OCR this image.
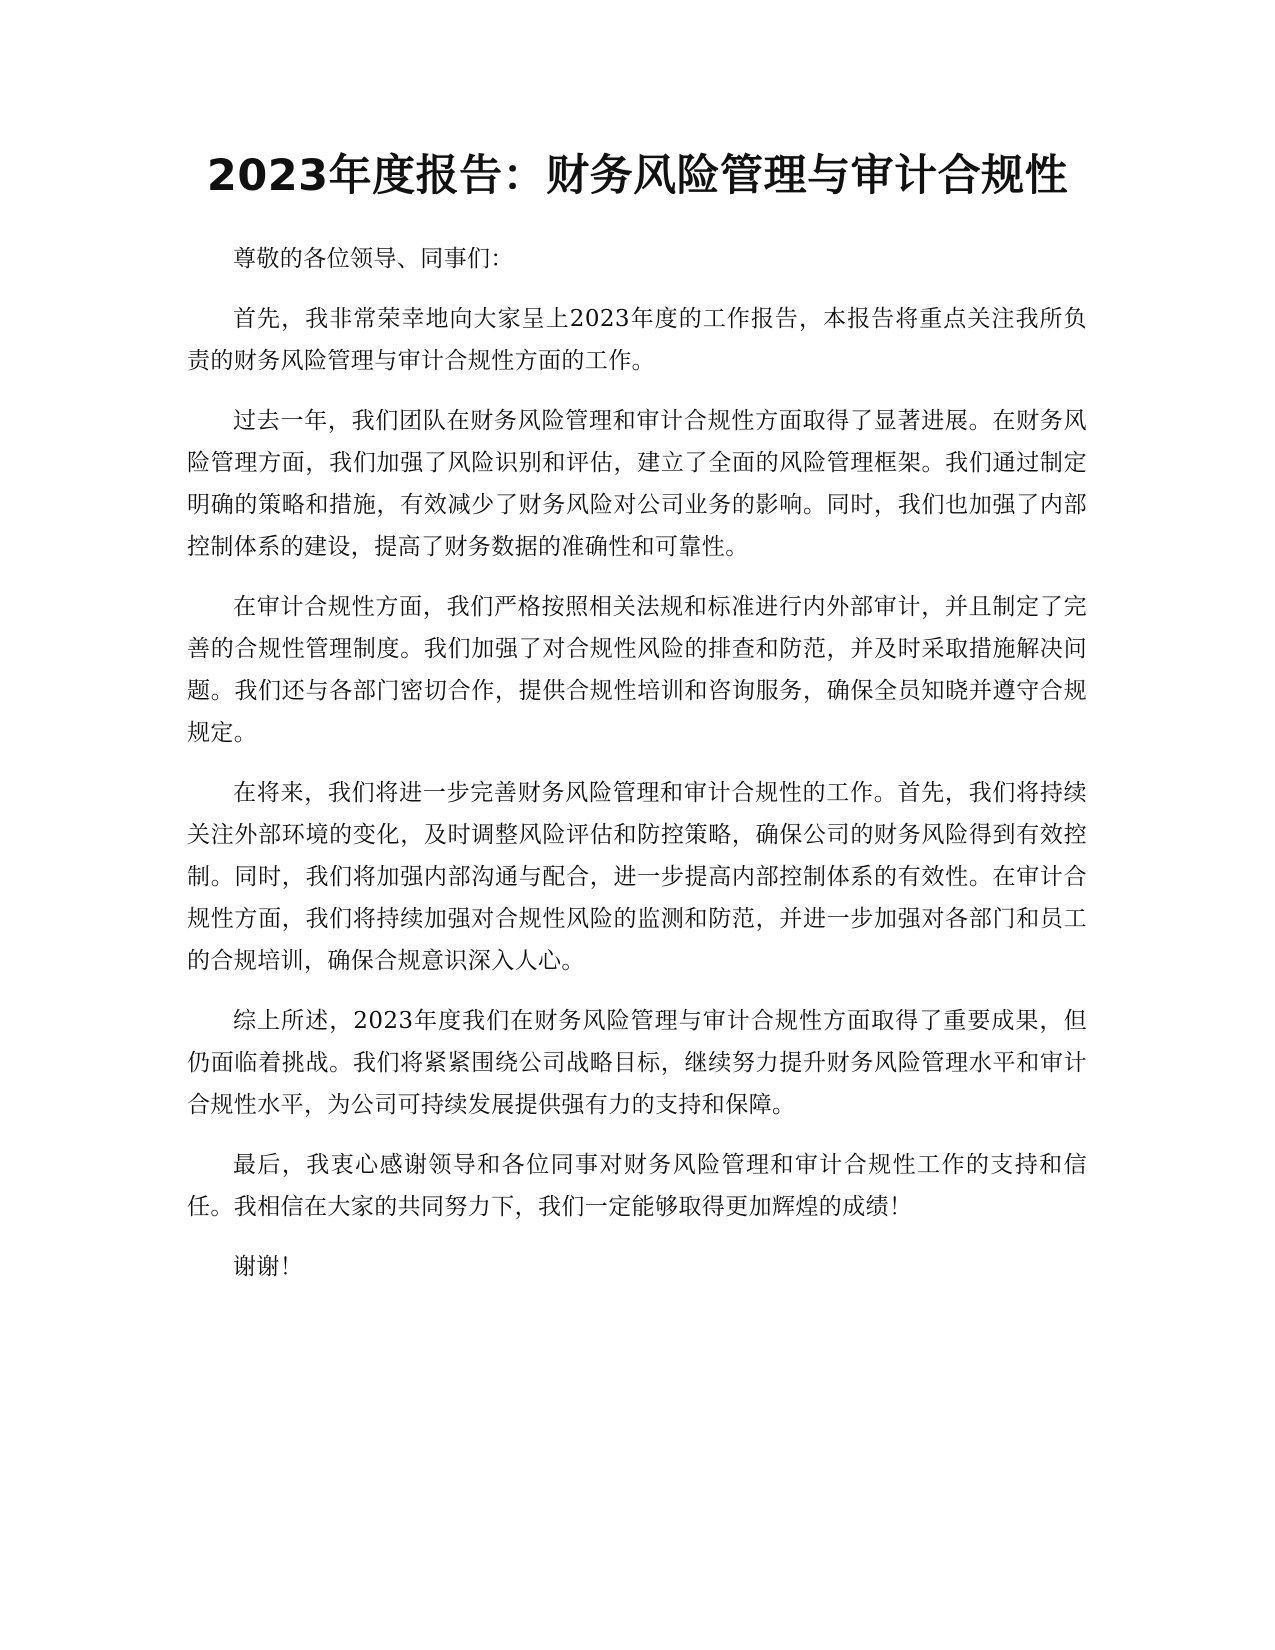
2023年度报告：财务风险管理与审计合规性

尊敬的各位领导、同事们：

首先，我非常荣幸地向大家呈上2023年度的工作报告，本报告将重点关注我所负责的财务风险管理与审计合规性方面的工作。

过去一年，我们团队在财务风险管理和审计合规性方面取得了显著进展。在财务风险管理方面，我们加强了风险识别和评估，建立了全面的风险管理框架。我们通过制定明确的策略和措施，有效减少了财务风险对公司业务的影响。同时，我们也加强了内部控制体系的建设，提高了财务数据的准确性和可靠性。

在审计合规性方面，我们严格按照相关法规和标准进行内外部审计，并且制定了完善的合规性管理制度。我们加强了对合规性风险的排查和防范，并及时采取措施解决问题。我们还与各部门密切合作，提供合规性培训和咨询服务，确保全员知晓并遵守合规规定。

在将来，我们将进一步完善财务风险管理和审计合规性的工作。首先，我们将持续关注外部环境的变化，及时调整风险评估和防控策略，确保公司的财务风险得到有效控制。同时，我们将加强内部沟通与配合，进一步提高内部控制体系的有效性。在审计合规性方面，我们将持续加强对合规性风险的监测和防范，并进一步加强对各部门和员工的合规培训，确保合规意识深入人心。

综上所述，2023年度我们在财务风险管理与审计合规性方面取得了重要成果，但仍面临着挑战。我们将紧紧围绕公司战略目标，继续努力提升财务风险管理水平和审计合规性水平，为公司可持续发展提供强有力的支持和保障。

最后，我衷心感谢领导和各位同事对财务风险管理和审计合规性工作的支持和信任。我相信在大家的共同努力下，我们一定能够取得更加辉煌的成绩！

谢谢！
